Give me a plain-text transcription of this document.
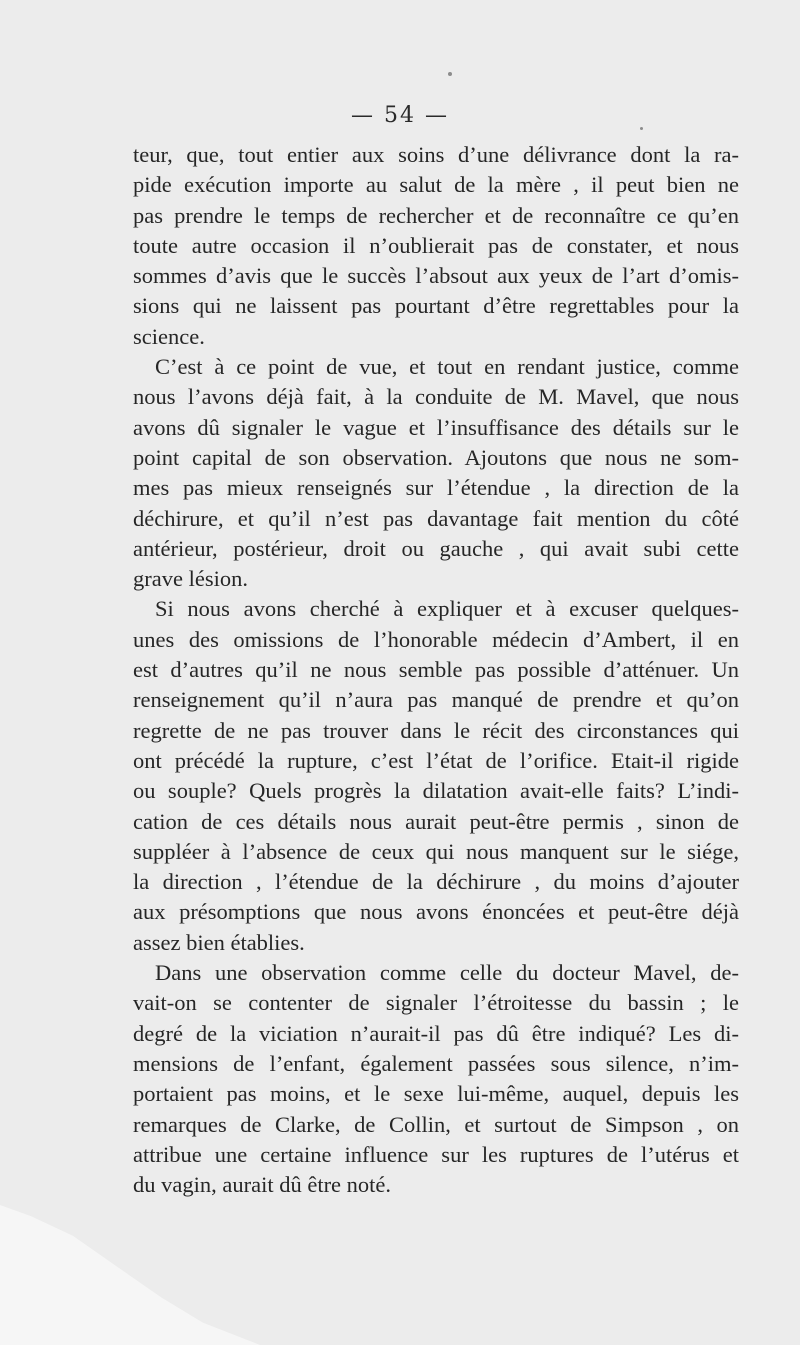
— 54 —
teur, que, tout entier aux soins d’une délivrance dont la ra-
pide exécution importe au salut de la mère , il peut bien ne
pas prendre le temps de rechercher et de reconnaître ce qu’en
toute autre occasion il n’oublierait pas de constater, et nous
sommes d’avis que le succès l’absout aux yeux de l’art d’omis-
sions qui ne laissent pas pourtant d’être regrettables pour la
science.
C’est à ce point de vue, et tout en rendant justice, comme
nous l’avons déjà fait, à la conduite de M. Mavel, que nous
avons dû signaler le vague et l’insuffisance des détails sur le
point capital de son observation. Ajoutons que nous ne som-
mes pas mieux renseignés sur l’étendue , la direction de la
déchirure, et qu’il n’est pas davantage fait mention du côté
antérieur, postérieur, droit ou gauche , qui avait subi cette
grave lésion.
Si nous avons cherché à expliquer et à excuser quelques-
unes des omissions de l’honorable médecin d’Ambert, il en
est d’autres qu’il ne nous semble pas possible d’atténuer. Un
renseignement qu’il n’aura pas manqué de prendre et qu’on
regrette de ne pas trouver dans le récit des circonstances qui
ont précédé la rupture, c’est l’état de l’orifice. Etait-il rigide
ou souple? Quels progrès la dilatation avait-elle faits? L’indi-
cation de ces détails nous aurait peut-être permis , sinon de
suppléer à l’absence de ceux qui nous manquent sur le siége,
la direction , l’étendue de la déchirure , du moins d’ajouter
aux présomptions que nous avons énoncées et peut-être déjà
assez bien établies.
Dans une observation comme celle du docteur Mavel, de-
vait-on se contenter de signaler l’étroitesse du bassin ; le
degré de la viciation n’aurait-il pas dû être indiqué? Les di-
mensions de l’enfant, également passées sous silence, n’im-
portaient pas moins, et le sexe lui-même, auquel, depuis les
remarques de Clarke, de Collin, et surtout de Simpson , on
attribue une certaine influence sur les ruptures de l’utérus et
du vagin, aurait dû être noté.
